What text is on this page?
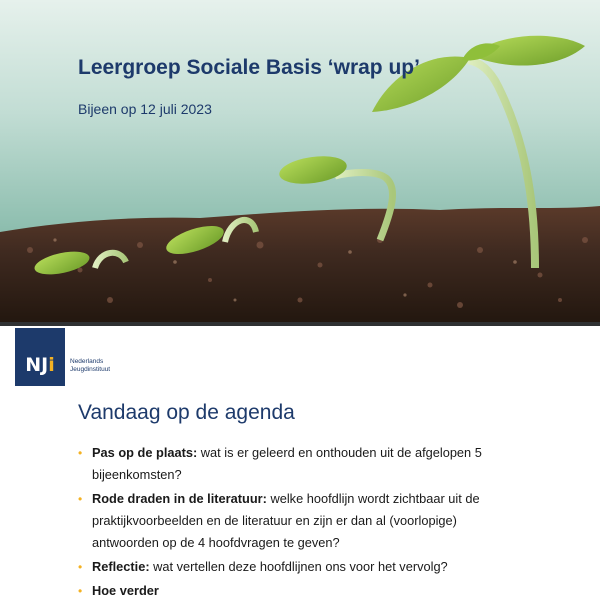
Leergroep Sociale Basis ‘wrap up’
Bijeen op 12 juli 2023
NJi Nederlands
Jeugdinstituut
Vandaag op de agenda
• Pas op de plaats: wat is er geleerd en onthouden uit de afgelopen 5 bijeenkomsten?
• Rode draden in de literatuur: welke hoofdlijn wordt zichtbaar uit de praktijkvoorbeelden en de literatuur en zijn er dan al (voorlopige) antwoorden op de 4 hoofdvragen te geven?
• Reflectie: wat vertellen deze hoofdlijnen ons voor het vervolg?
• Hoe verder
